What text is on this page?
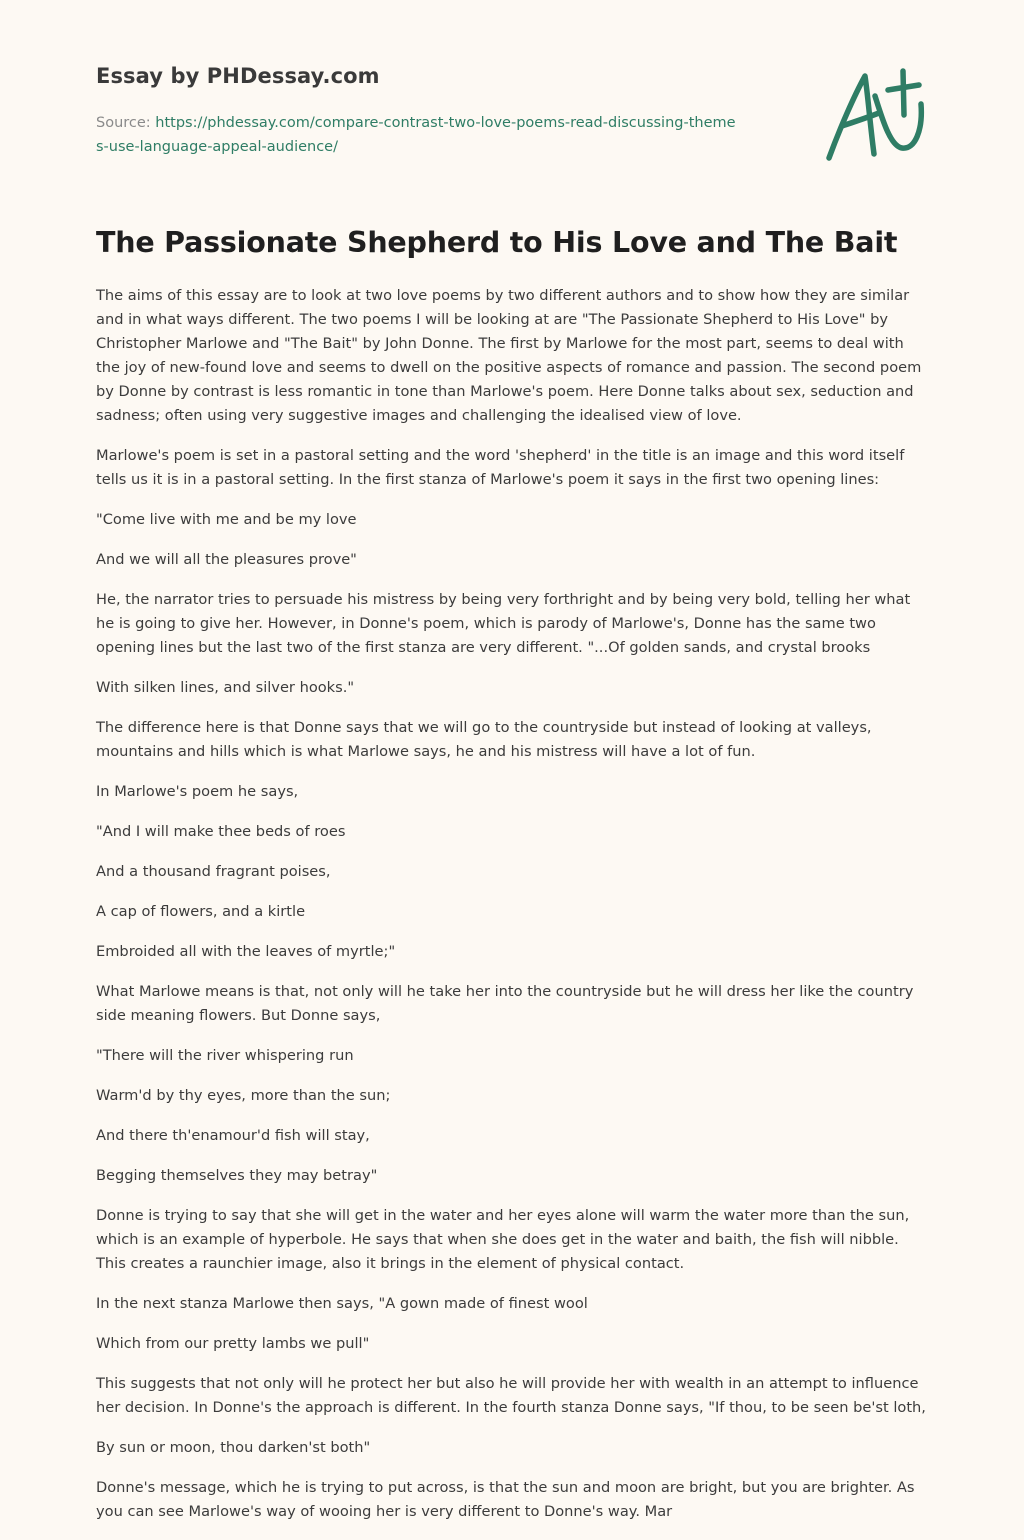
Essay by PHDessay.com

Source: https://phdessay.com/compare-contrast-two-love-poems-read-discussing-themes-use-language-appeal-audience/

The Passionate Shepherd to His Love and The Bait

The aims of this essay are to look at two love poems by two different authors and to show how they are similar and in what ways different. The two poems I will be looking at are "The Passionate Shepherd to His Love" by Christopher Marlowe and "The Bait" by John Donne. The first by Marlowe for the most part, seems to deal with the joy of new-found love and seems to dwell on the positive aspects of romance and passion. The second poem by Donne by contrast is less romantic in tone than Marlowe's poem. Here Donne talks about sex, seduction and sadness; often using very suggestive images and challenging the idealised view of love.

Marlowe's poem is set in a pastoral setting and the word 'shepherd' in the title is an image and this word itself tells us it is in a pastoral setting. In the first stanza of Marlowe's poem it says in the first two opening lines:

"Come live with me and be my love

And we will all the pleasures prove"

He, the narrator tries to persuade his mistress by being very forthright and by being very bold, telling her what he is going to give her. However, in Donne's poem, which is parody of Marlowe's, Donne has the same two opening lines but the last two of the first stanza are very different. "...Of golden sands, and crystal brooks

With silken lines, and silver hooks."

The difference here is that Donne says that we will go to the countryside but instead of looking at valleys, mountains and hills which is what Marlowe says, he and his mistress will have a lot of fun.

In Marlowe's poem he says,

"And I will make thee beds of roes

And a thousand fragrant poises,

A cap of flowers, and a kirtle

Embroided all with the leaves of myrtle;"

What Marlowe means is that, not only will he take her into the countryside but he will dress her like the country side meaning flowers. But Donne says,

"There will the river whispering run

Warm'd by thy eyes, more than the sun;

And there th'enamour'd fish will stay,

Begging themselves they may betray"

Donne is trying to say that she will get in the water and her eyes alone will warm the water more than the sun, which is an example of hyperbole. He says that when she does get in the water and baith, the fish will nibble. This creates a raunchier image, also it brings in the element of physical contact.

In the next stanza Marlowe then says, "A gown made of finest wool

Which from our pretty lambs we pull"

This suggests that not only will he protect her but also he will provide her with wealth in an attempt to influence her decision. In Donne's the approach is different. In the fourth stanza Donne says, "If thou, to be seen be'st loth,

By sun or moon, thou darken'st both"

Donne's message, which he is trying to put across, is that the sun and moon are bright, but you are brighter. As you can see Marlowe's way of wooing her is very different to Donne's way. Mar
